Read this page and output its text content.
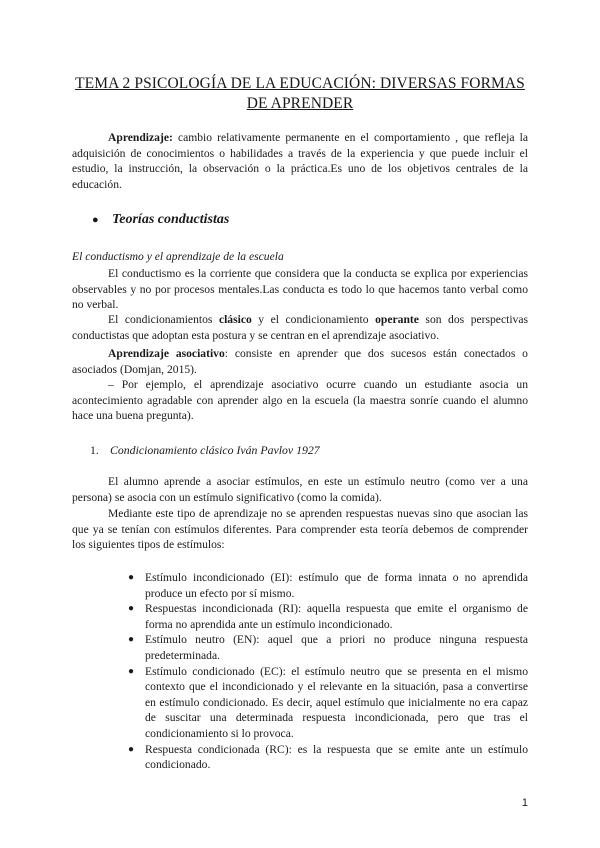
TEMA 2 PSICOLOGÍA DE LA EDUCACIÓN: DIVERSAS FORMAS
DE APRENDER

Aprendizaje: cambio relativamente permanente en el comportamiento , que refleja la adquisición de conocimientos o habilidades a través de la experiencia y que puede incluir el estudio, la instrucción, la observación o la práctica.Es uno de los objetivos centrales de la educación.

● Teorías conductistas
El conductismo y el aprendizaje de la escuela

El conductismo es la corriente que considera que la conducta se explica por experiencias observables y no por procesos mentales.Las conducta es todo lo que hacemos tanto verbal como no verbal.

El condicionamientos clásico y el condicionamiento operante son dos perspectivas conductistas que adoptan esta postura y se centran en el aprendizaje asociativo.

Aprendizaje asociativo: consiste en aprender que dos sucesos están conectados o asociados (Domjan, 2015).

– Por ejemplo, el aprendizaje asociativo ocurre cuando un estudiante asocia un acontecimiento agradable con aprender algo en la escuela (la maestra sonríe cuando el alumno hace una buena pregunta).

1. Condicionamiento clásico Iván Pavlov 1927

El alumno aprende a asociar estímulos, en este un estímulo neutro (como ver a una persona) se asocia con un estímulo significativo (como la comida).

Mediante este tipo de aprendizaje no se aprenden respuestas nuevas sino que asocian las que ya se tenían con estímulos diferentes. Para comprender esta teoría debemos de comprender los siguientes tipos de estímulos:

● Estímulo incondicionado (EI): estímulo que de forma innata o no aprendida produce un efecto por sí mismo.
● Respuestas incondicionada (RI): aquella respuesta que emite el organismo de forma no aprendida ante un estímulo incondicionado.
● Estímulo neutro (EN): aquel que a priori no produce ninguna respuesta predeterminada.
● Estímulo condicionado (EC): el estímulo neutro que se presenta en el mismo contexto que el incondicionado y el relevante en la situación, pasa a convertirse en estímulo condicionado. Es decir, aquel estímulo que inicialmente no era capaz de suscitar una determinada respuesta incondicionada, pero que tras el condicionamiento si lo provoca.
● Respuesta condicionada (RC): es la respuesta que se emite ante un estímulo condicionado.
1
